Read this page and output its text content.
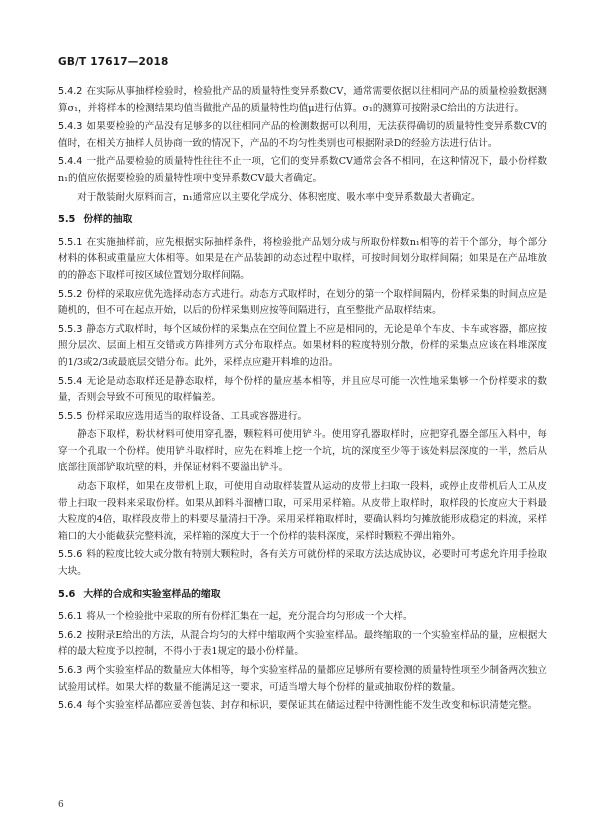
GB/T 17617—2018

5.4.2 在实际从事抽样检验时，检验批产品的质量特性变异系数CV，通常需要依据以往相同产品的质量检验数据测算σ₁，并将样本的检测结果均值当做批产品的质量特性均值μ进行估算。σ₁的测算可按附录C给出的方法进行。

5.4.3 如果要检验的产品没有足够多的以往相同产品的检测数据可以利用，无法获得确切的质量特性变异系数CV的值时，在相关方抽样人员协商一致的情况下，产品的不均匀性类别也可根据附录D的经验方法进行估计。

5.4.4 一批产品要检验的质量特性往往不止一项，它们的变异系数CV通常会各不相同，在这种情况下，最小份样数n₁的值应依据要检验的质量特性项中变异系数CV最大者确定。

对于散装耐火原料而言，n₁通常应以主要化学成分、体积密度、吸水率中变异系数最大者确定。

5.5 份样的抽取

5.5.1 在实施抽样前，应先根据实际抽样条件，将检验批产品划分成与所取份样数n₁相等的若干个部分，每个部分材料的体积或重量应大体相等。如果是在产品装卸的动态过程中取样，可按时间划分取样间隔；如果是在产品堆放的的静态下取样可按区域位置划分取样间隔。

5.5.2 份样的采取应优先选择动态方式进行。动态方式取样时，在划分的第一个取样间隔内，份样采集的时间点应是随机的，但不可在起点开始，以后的份样采集则应按等间隔进行，直至整批产品取样结束。

5.5.3 静态方式取样时，每个区域份样的采集点在空间位置上不应是相同的，无论是单个车皮、卡车或容器，都应按照分层次、层面上相互交错或方阵排列方式分布取样点。如果材料的粒度特别分散，份样的采集点应该在料堆深度的1/3或2/3或最底层交错分布。此外，采样点应避开料堆的边沿。

5.5.4 无论是动态取样还是静态取样，每个份样的量应基本相等，并且应尽可能一次性地采集够一个份样要求的数量，否则会导致不可预见的取样偏差。

5.5.5 份样采取应选用适当的取样设备、工具或容器进行。

静态下取样，粉状材料可使用穿孔器，颗粒料可使用铲斗。使用穿孔器取样时，应把穿孔器全部压入料中，每穿一个孔取一个份样。使用铲斗取样时，应先在料堆上挖一个坑，坑的深度至少等于该处料层深度的一半，然后从底部往顶部铲取坑壁的料，并保证材料不要溢出铲斗。

动态下取样，如果在皮带机上取，可使用自动取样装置从运动的皮带上扫取一段料，或停止皮带机后人工从皮带上扫取一段料来采取份样。如果从卸料斗溜槽口取，可采用采样箱。从皮带上取样时，取样段的长度应大于料最大粒度的4倍，取样段皮带上的料要尽量清扫干净。采用采样箱取样时，要确认料均匀摊放能形成稳定的料流，采样箱口的大小能截获完整料流，采样箱的深度大于一个份样的装料深度，采样时颗粒不弹出箱外。

5.5.6 料的粒度比较大或分散有特别大颗粒时，各有关方可就份样的采取方法达成协议，必要时可考虑允许用手捡取大块。

5.6 大样的合成和实验室样品的缩取

5.6.1 将从一个检验批中采取的所有份样汇集在一起，充分混合均匀形成一个大样。

5.6.2 按附录E给出的方法，从混合均匀的大样中缩取两个实验室样品。最终缩取的一个实验室样品的量，应根据大样的最大粒度予以控制，不得小于表1规定的最小份样量。

5.6.3 两个实验室样品的数量应大体相等，每个实验室样品的量都应足够所有要检测的质量特性项至少制备两次独立试验用试样。如果大样的数量不能满足这一要求，可适当增大每个份样的量或抽取份样的数量。

5.6.4 每个实验室样品都应妥善包装、封存和标识，要保证其在储运过程中待测性能不发生改变和标识清楚完整。

6
